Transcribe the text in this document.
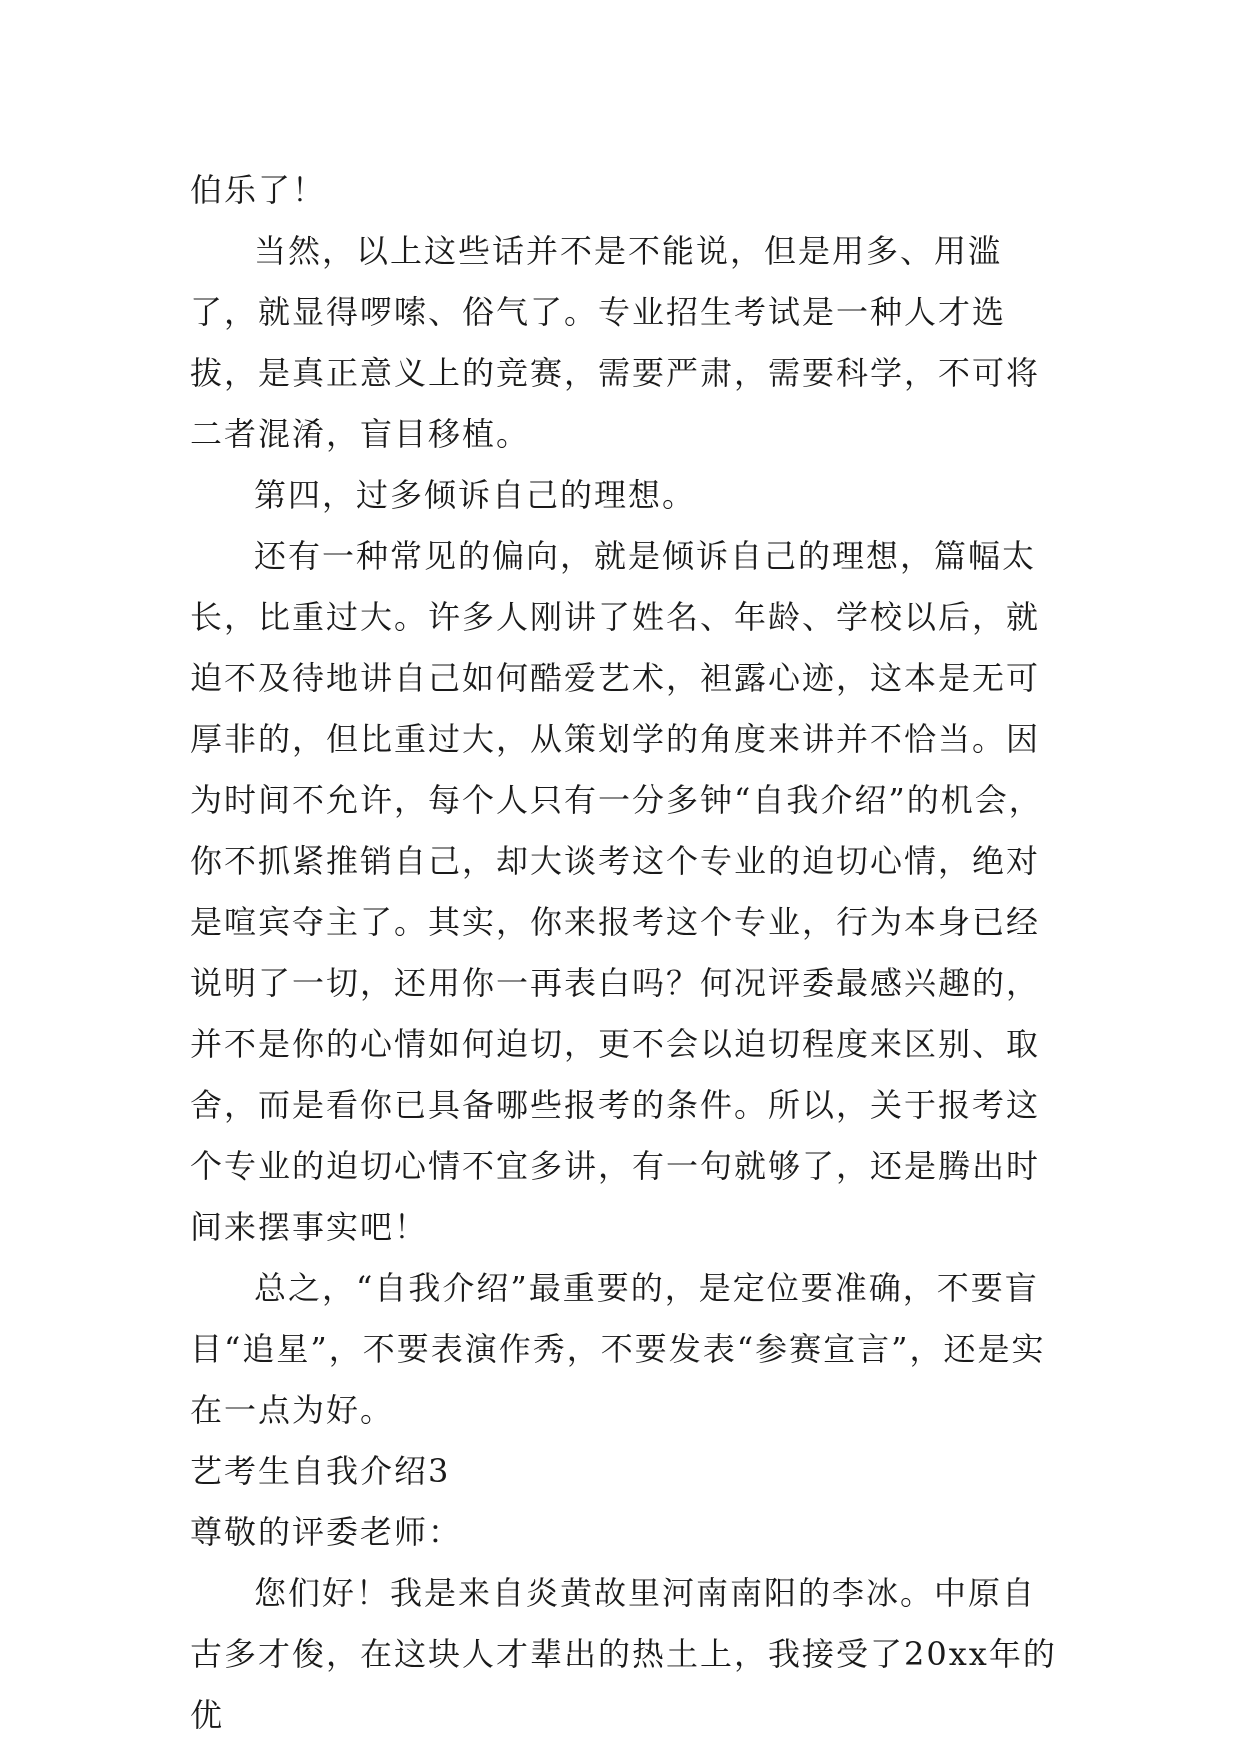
伯乐了！

当然，以上这些话并不是不能说，但是用多、用滥了，就显得啰嗦、俗气了。专业招生考试是一种人才选拔，是真正意义上的竞赛，需要严肃，需要科学，不可将二者混淆，盲目移植。

第四，过多倾诉自己的理想。

还有一种常见的偏向，就是倾诉自己的理想，篇幅太长，比重过大。许多人刚讲了姓名、年龄、学校以后，就迫不及待地讲自己如何酷爱艺术，袒露心迹，这本是无可厚非的，但比重过大，从策划学的角度来讲并不恰当。因为时间不允许，每个人只有一分多钟“自我介绍”的机会，你不抓紧推销自己，却大谈考这个专业的迫切心情，绝对是喧宾夺主了。其实，你来报考这个专业，行为本身已经说明了一切，还用你一再表白吗？何况评委最感兴趣的，并不是你的心情如何迫切，更不会以迫切程度来区别、取舍，而是看你已具备哪些报考的条件。所以，关于报考这个专业的迫切心情不宜多讲，有一句就够了，还是腾出时间来摆事实吧！

总之，“自我介绍”最重要的，是定位要准确，不要盲目“追星”，不要表演作秀，不要发表“参赛宣言”，还是实在一点为好。

艺考生自我介绍3

尊敬的评委老师：

您们好！我是来自炎黄故里河南南阳的李冰。中原自古多才俊，在这块人才辈出的热土上，我接受了20xx年的优
